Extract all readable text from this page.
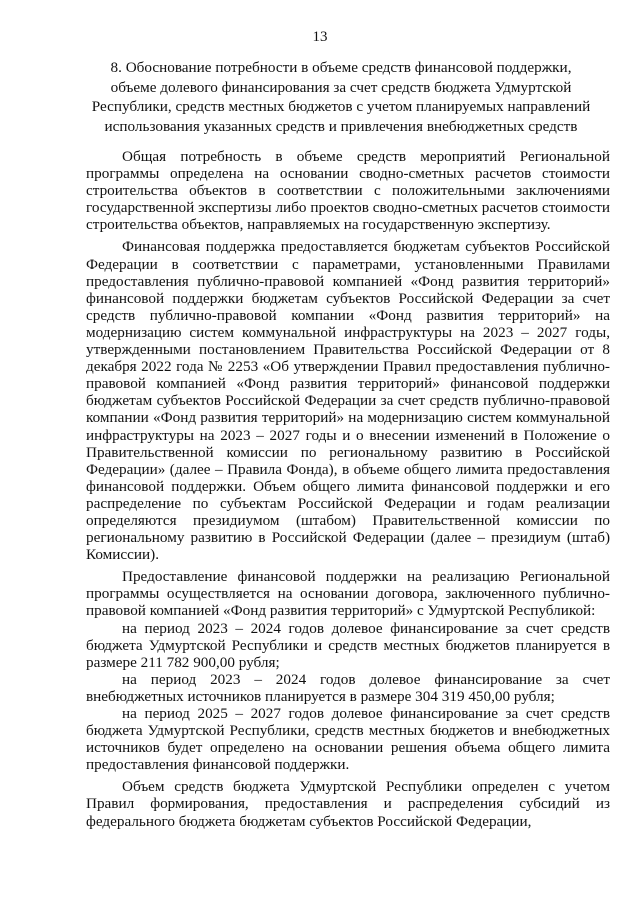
13
8. Обоснование потребности в объеме средств финансовой поддержки, объеме долевого финансирования за счет средств бюджета Удмуртской Республики, средств местных бюджетов с учетом планируемых направлений использования указанных средств и привлечения внебюджетных средств

Общая потребность в объеме средств мероприятий Региональной программы определена на основании сводно-сметных расчетов стоимости строительства объектов в соответствии с положительными заключениями государственной экспертизы либо проектов сводно-сметных расчетов стоимости строительства объектов, направляемых на государственную экспертизу.

Финансовая поддержка предоставляется бюджетам субъектов Российской Федерации в соответствии с параметрами, установленными Правилами предоставления публично-правовой компанией «Фонд развития территорий» финансовой поддержки бюджетам субъектов Российской Федерации за счет средств публично-правовой компании «Фонд развития территорий» на модернизацию систем коммунальной инфраструктуры на 2023 – 2027 годы, утвержденными постановлением Правительства Российской Федерации от 8 декабря 2022 года № 2253 «Об утверждении Правил предоставления публично-правовой компанией «Фонд развития территорий» финансовой поддержки бюджетам субъектов Российской Федерации за счет средств публично-правовой компании «Фонд развития территорий» на модернизацию систем коммунальной инфраструктуры на 2023 – 2027 годы и о внесении изменений в Положение о Правительственной комиссии по региональному развитию в Российской Федерации» (далее – Правила Фонда), в объеме общего лимита предоставления финансовой поддержки. Объем общего лимита финансовой поддержки и его распределение по субъектам Российской Федерации и годам реализации определяются президиумом (штабом) Правительственной комиссии по региональному развитию в Российской Федерации (далее – президиум (штаб) Комиссии).

Предоставление финансовой поддержки на реализацию Региональной программы осуществляется на основании договора, заключенного публично-правовой компанией «Фонд развития территорий» с Удмуртской Республикой:

на период 2023 – 2024 годов долевое финансирование за счет средств бюджета Удмуртской Республики и средств местных бюджетов планируется в размере 211 782 900,00 рубля;

на период 2023 – 2024 годов долевое финансирование за счет внебюджетных источников планируется в размере 304 319 450,00 рубля;

на период 2025 – 2027 годов долевое финансирование за счет средств бюджета Удмуртской Республики, средств местных бюджетов и внебюджетных источников будет определено на основании решения объема общего лимита предоставления финансовой поддержки.

Объем средств бюджета Удмуртской Республики определен с учетом Правил формирования, предоставления и распределения субсидий из федерального бюджета бюджетам субъектов Российской Федерации,
